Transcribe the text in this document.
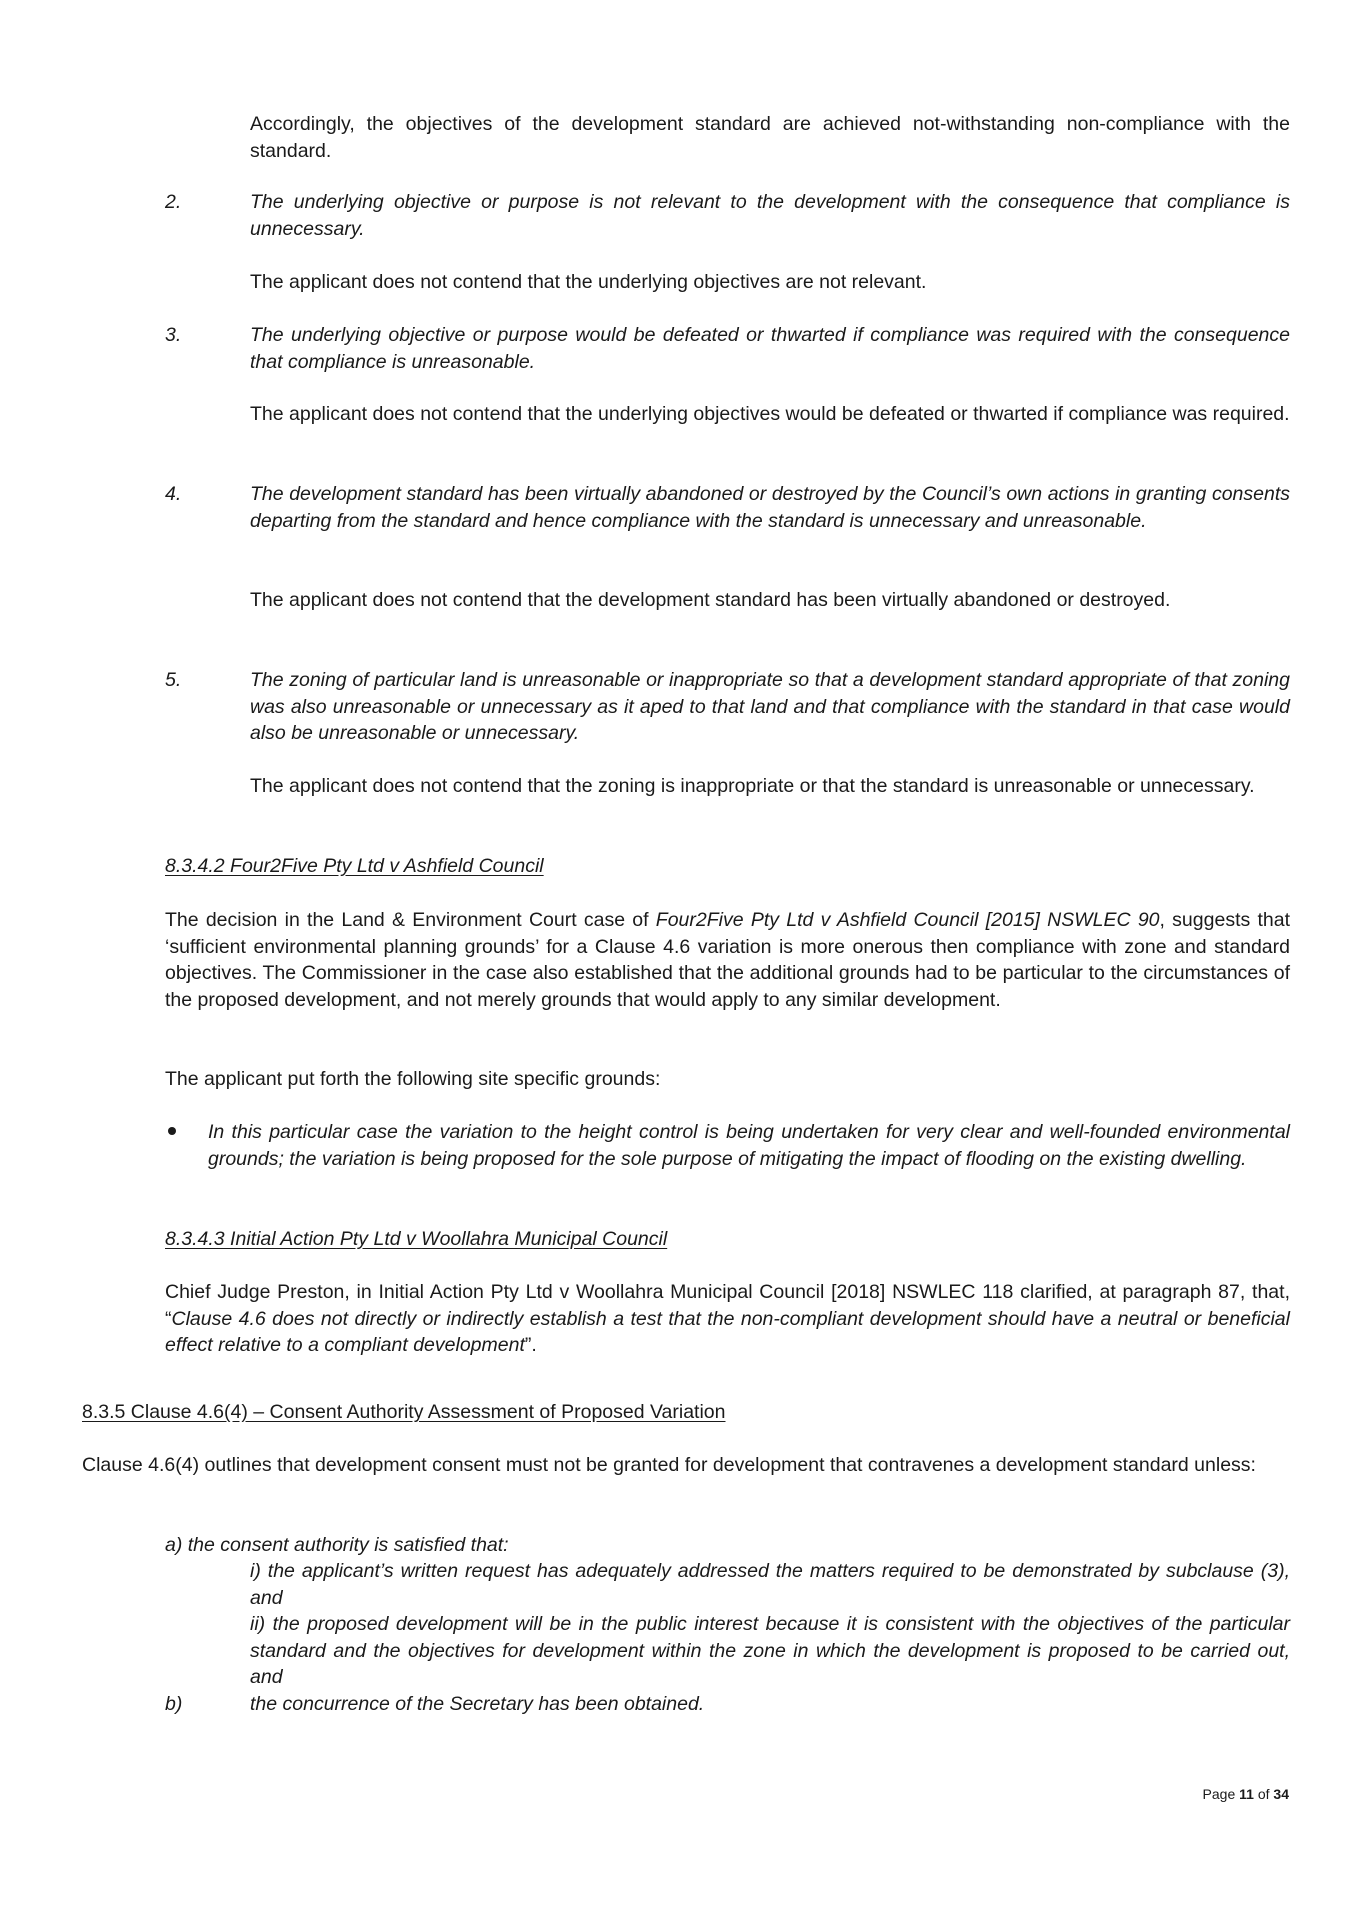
Accordingly, the objectives of the development standard are achieved not-withstanding non-compliance with the standard.

2.	The underlying objective or purpose is not relevant to the development with the consequence that compliance is unnecessary.

The applicant does not contend that the underlying objectives are not relevant.

3.	The underlying objective or purpose would be defeated or thwarted if compliance was required with the consequence that compliance is unreasonable.

The applicant does not contend that the underlying objectives would be defeated or thwarted if compliance was required.

4.	The development standard has been virtually abandoned or destroyed by the Council’s own actions in granting consents departing from the standard and hence compliance with the standard is unnecessary and unreasonable.

The applicant does not contend that the development standard has been virtually abandoned or destroyed.

5.	The zoning of particular land is unreasonable or inappropriate so that a development standard appropriate of that zoning was also unreasonable or unnecessary as it aped to that land and that compliance with the standard in that case would also be unreasonable or unnecessary.

The applicant does not contend that the zoning is inappropriate or that the standard is unreasonable or unnecessary.

8.3.4.2 Four2Five Pty Ltd v Ashfield Council

The decision in the Land & Environment Court case of Four2Five Pty Ltd v Ashfield Council [2015] NSWLEC 90, suggests that ‘sufficient environmental planning grounds’ for a Clause 4.6 variation is more onerous then compliance with zone and standard objectives. The Commissioner in the case also established that the additional grounds had to be particular to the circumstances of the proposed development, and not merely grounds that would apply to any similar development.

The applicant put forth the following site specific grounds:

In this particular case the variation to the height control is being undertaken for very clear and well-founded environmental grounds; the variation is being proposed for the sole purpose of mitigating the impact of flooding on the existing dwelling.

8.3.4.3 Initial Action Pty Ltd v Woollahra Municipal Council

Chief Judge Preston, in Initial Action Pty Ltd v Woollahra Municipal Council [2018] NSWLEC 118 clarified, at paragraph 87, that, “Clause 4.6 does not directly or indirectly establish a test that the non-compliant development should have a neutral or beneficial effect relative to a compliant development”.

8.3.5 Clause 4.6(4) – Consent Authority Assessment of Proposed Variation

Clause 4.6(4) outlines that development consent must not be granted for development that contravenes a development standard unless:

a) the consent authority is satisfied that:

i) the applicant’s written request has adequately addressed the matters required to be demonstrated by subclause (3), and

ii) the proposed development will be in the public interest because it is consistent with the objectives of the particular standard and the objectives for development within the zone in which the development is proposed to be carried out, and

b)	the concurrence of the Secretary has been obtained.

Page 11 of 34
